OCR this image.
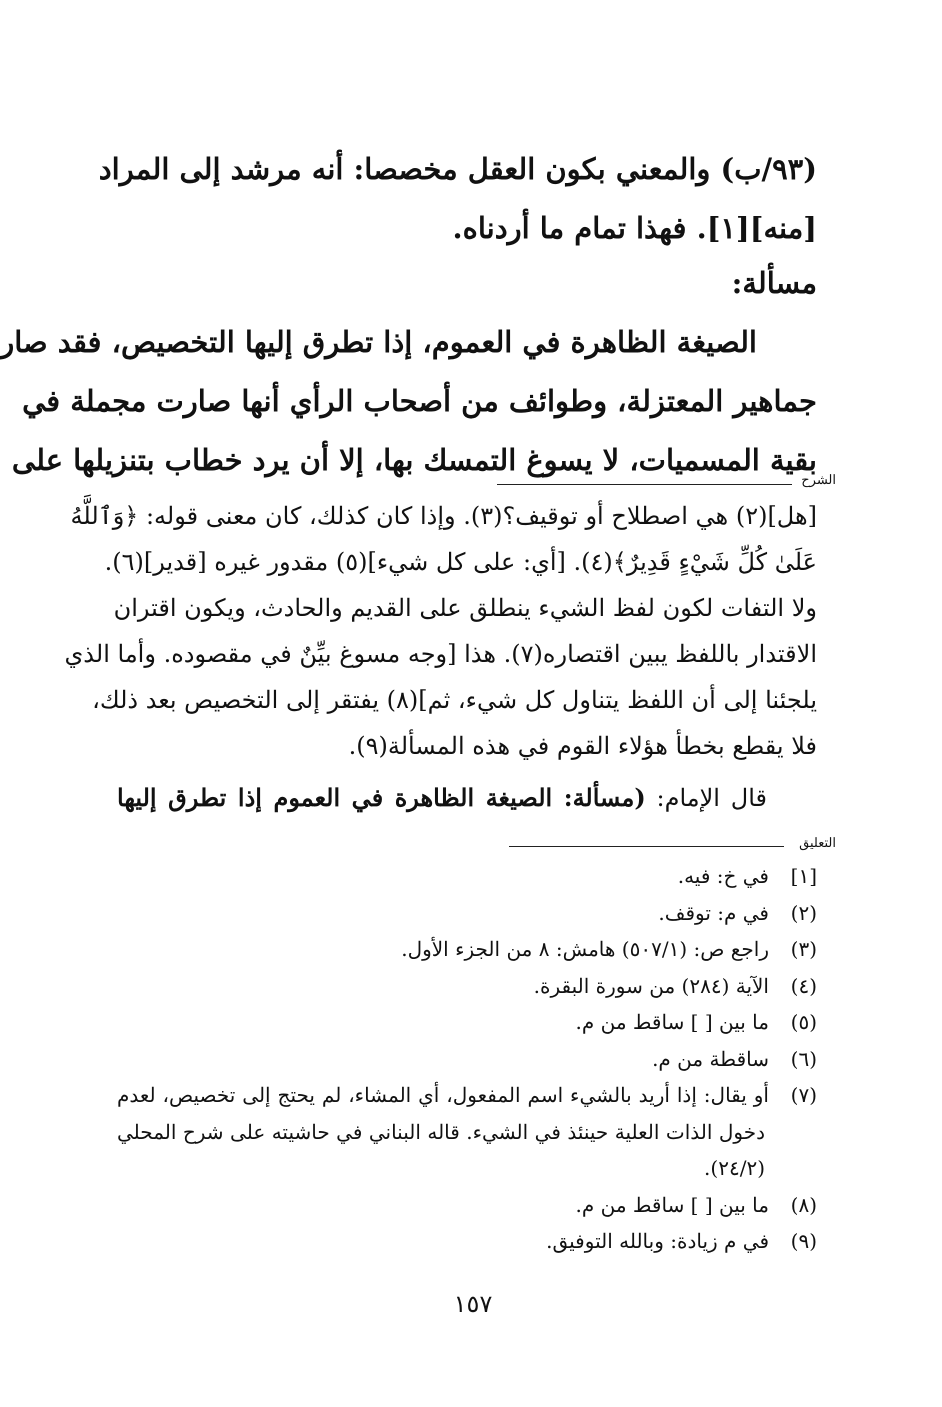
(٩٣/ب) والمعني بكون العقل مخصصا: أنه مرشد إلى المراد
[منه][١]. فهذا تمام ما أردناه.
مسألة:
الصيغة الظاهرة في العموم، إذا تطرق إليها التخصيص، فقد صار
جماهير المعتزلة، وطوائف من أصحاب الرأي أنها صارت مجملة في
بقية المسميات، لا يسوغ التمسك بها، إلا أن يرد خطاب بتنزيلها على
الشرح
[هل](٢) هي اصطلاح أو توقيف؟(٣). وإذا كان كذلك، كان معنى قوله: ﴿وَٱللَّهُ
عَلَىٰ كُلِّ شَيْءٍ قَدِيرٌ﴾(٤). [أي: على كل شيء](٥) مقدور غيره [قدير](٦).
ولا التفات لكون لفظ الشيء ينطلق على القديم والحادث، ويكون اقتران
الاقتدار باللفظ يبين اقتصاره(٧). هذا [وجه مسوغ بيِّنٌ في مقصوده. وأما الذي
يلجئنا إلى أن اللفظ يتناول كل شيء، ثم](٨) يفتقر إلى التخصيص بعد ذلك،
فلا يقطع بخطأ هؤلاء القوم في هذه المسألة(٩).
قال الإمام: (مسألة: الصيغة الظاهرة في العموم إذا تطرق إليها
التعليق
[١]في خ: فيه.
(٢)في م: توقف.
(٣)راجع ص: (٥٠٧/١) هامش: ٨ من الجزء الأول.
(٤)الآية (٢٨٤) من سورة البقرة.
(٥)ما بين [ ] ساقط من م.
(٦)ساقطة من م.
(٧)أو يقال: إذا أريد بالشيء اسم المفعول، أي المشاء، لم يحتج إلى تخصيص، لعدم
دخول الذات العلية حينئذ في الشيء. قاله البناني في حاشيته على شرح المحلي
(٢٤/٢).
(٨)ما بين [ ] ساقط من م.
(٩)في م زيادة: وبالله التوفيق.
١٥٧
